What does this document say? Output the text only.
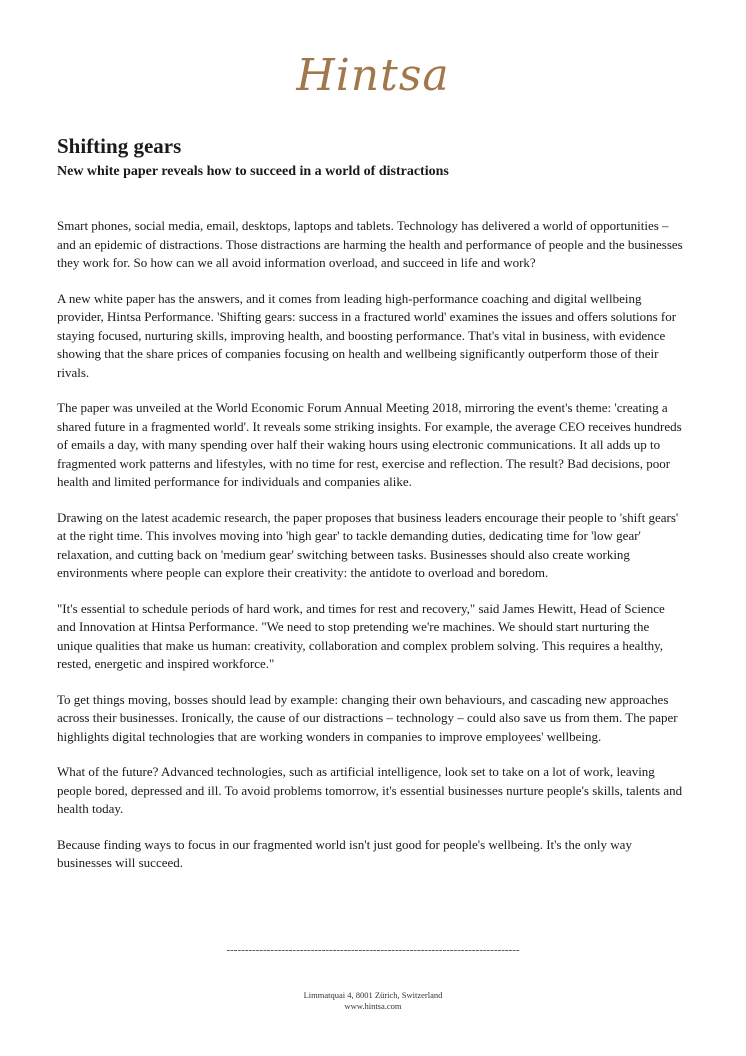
Hintsa
Shifting gears
New white paper reveals how to succeed in a world of distractions

Smart phones, social media, email, desktops, laptops and tablets. Technology has delivered a world of opportunities – and an epidemic of distractions. Those distractions are harming the health and performance of people and the businesses they work for. So how can we all avoid information overload, and succeed in life and work?

A new white paper has the answers, and it comes from leading high-performance coaching and digital wellbeing provider, Hintsa Performance. 'Shifting gears: success in a fractured world' examines the issues and offers solutions for staying focused, nurturing skills, improving health, and boosting performance. That's vital in business, with evidence showing that the share prices of companies focusing on health and wellbeing significantly outperform those of their rivals.

The paper was unveiled at the World Economic Forum Annual Meeting 2018, mirroring the event's theme: 'creating a shared future in a fragmented world'. It reveals some striking insights. For example, the average CEO receives hundreds of emails a day, with many spending over half their waking hours using electronic communications. It all adds up to fragmented work patterns and lifestyles, with no time for rest, exercise and reflection. The result? Bad decisions, poor health and limited performance for individuals and companies alike.

Drawing on the latest academic research, the paper proposes that business leaders encourage their people to 'shift gears' at the right time. This involves moving into 'high gear' to tackle demanding duties, dedicating time for 'low gear' relaxation, and cutting back on 'medium gear' switching between tasks. Businesses should also create working environments where people can explore their creativity: the antidote to overload and boredom.

"It's essential to schedule periods of hard work, and times for rest and recovery," said James Hewitt, Head of Science and Innovation at Hintsa Performance. "We need to stop pretending we're machines. We should start nurturing the unique qualities that make us human: creativity, collaboration and complex problem solving. This requires a healthy, rested, energetic and inspired workforce."

To get things moving, bosses should lead by example: changing their own behaviours, and cascading new approaches across their businesses. Ironically, the cause of our distractions – technology – could also save us from them. The paper highlights digital technologies that are working wonders in companies to improve employees' wellbeing.

What of the future? Advanced technologies, such as artificial intelligence, look set to take on a lot of work, leaving people bored, depressed and ill. To avoid problems tomorrow, it's essential businesses nurture people's skills, talents and health today.

Because finding ways to focus in our fragmented world isn't just good for people's wellbeing. It's the only way businesses will succeed.

--------------------------------------------------------------------------------
Limmatquai 4, 8001 Zürich, Switzerland
www.hintsa.com
